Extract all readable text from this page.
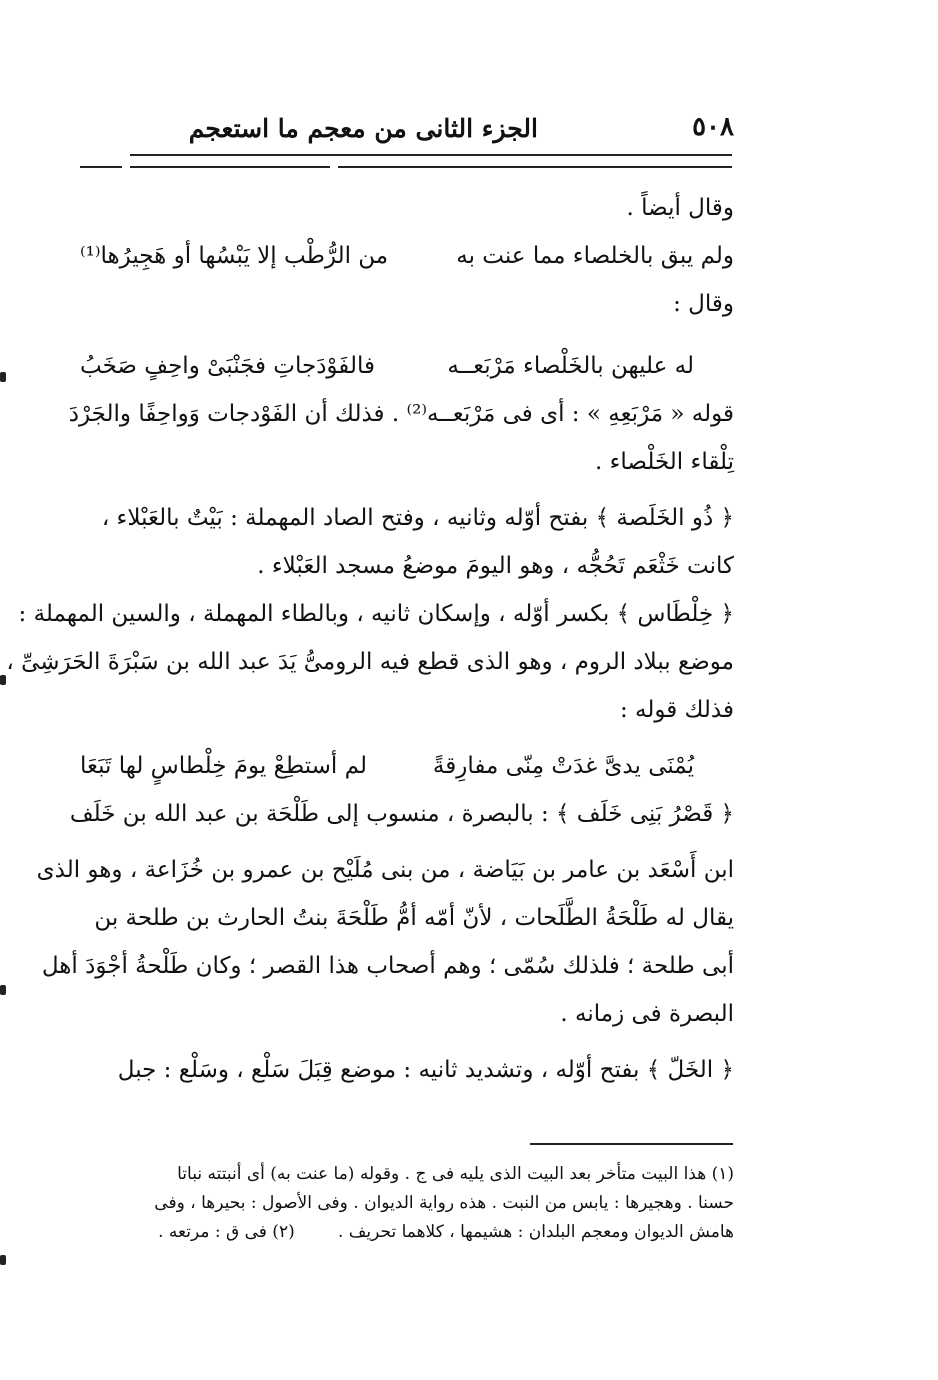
٥٠٨
الجزء الثانى من معجم ما استعجم
وقال أيضاً .
ولم يبق بالخلصاء مما عنت به
من الرُّطْب إلا يَبْسُها أو هَجِيرُها⁽¹⁾
وقال :
له عليهن بالخَلْصاء مَرْبَعــه
فالفَوْدَجاتِ فجَنْبَىْ واحِفٍ صَخَبُ
قوله « مَرْبَعِهِ » : أى فى مَرْبَعــه⁽²⁾ . فذلك أن الفَوْدجات وَواحِفًا والجَرْدَ
تِلْقاء الخَلْصاء .
﴿ ذُو الخَلَصة ﴾ بفتح أوّله وثانيه ، وفتح الصاد المهملة : بَيْتٌ بالعَبْلاء ،
كانت خَثْعَم تَحُجُّه ، وهو اليومَ موضعُ مسجد العَبْلاء .
﴿ خِلْطَاس ﴾ بكسر أوّله ، وإسكان ثانيه ، وبالطاء المهملة ، والسين المهملة :
موضع ببلاد الروم ، وهو الذى قطع فيه الرومىُّ يَدَ عبد الله بن سَبْرَةَ الحَرَشِىِّ ،
فذلك قوله :
يُمْنَى يدىَّ غدَتْ مِنّى مفارِقةً
لم أستطِعْ يومَ خِلْطاسٍ لها تَبَعَا
﴿ قَصْرُ بَنِى خَلَف ﴾ : بالبصرة ، منسوب إلى طَلْحَة بن عبد الله بن خَلَف
ابن أَسْعَد بن عامر بن بَيَاضة ، من بنى مُلَيْح بن عمرو بن خُزَاعة ، وهو الذى
يقال له طَلْحَةُ الطَّلَحات ، لأنّ أمّه أمُّ طَلْحَةَ بنتُ الحارث بن طلحة بن
أبى طلحة ؛ فلذلك سُمّى ؛ وهم أصحاب هذا القصر ؛ وكان طَلْحةُ أجْوَدَ أهل
البصرة فى زمانه .
﴿ الخَلّ ﴾ بفتح أوّله ، وتشديد ثانيه : موضع قِبَلَ سَلْع ، وسَلْع : جبل
(١) هذا البيت متأخر بعد البيت الذى يليه فى ج . وقوله (ما عنت به) أى أنبتته نباتا
حسنا . وهجيرها : يابس من النبت . هذه رواية الديوان . وفى الأصول : بحيرها ، وفى
هامش الديوان ومعجم البلدان : هشيمها ، كلاهما تحريف .        (٢) فى ق : مرتعه .
